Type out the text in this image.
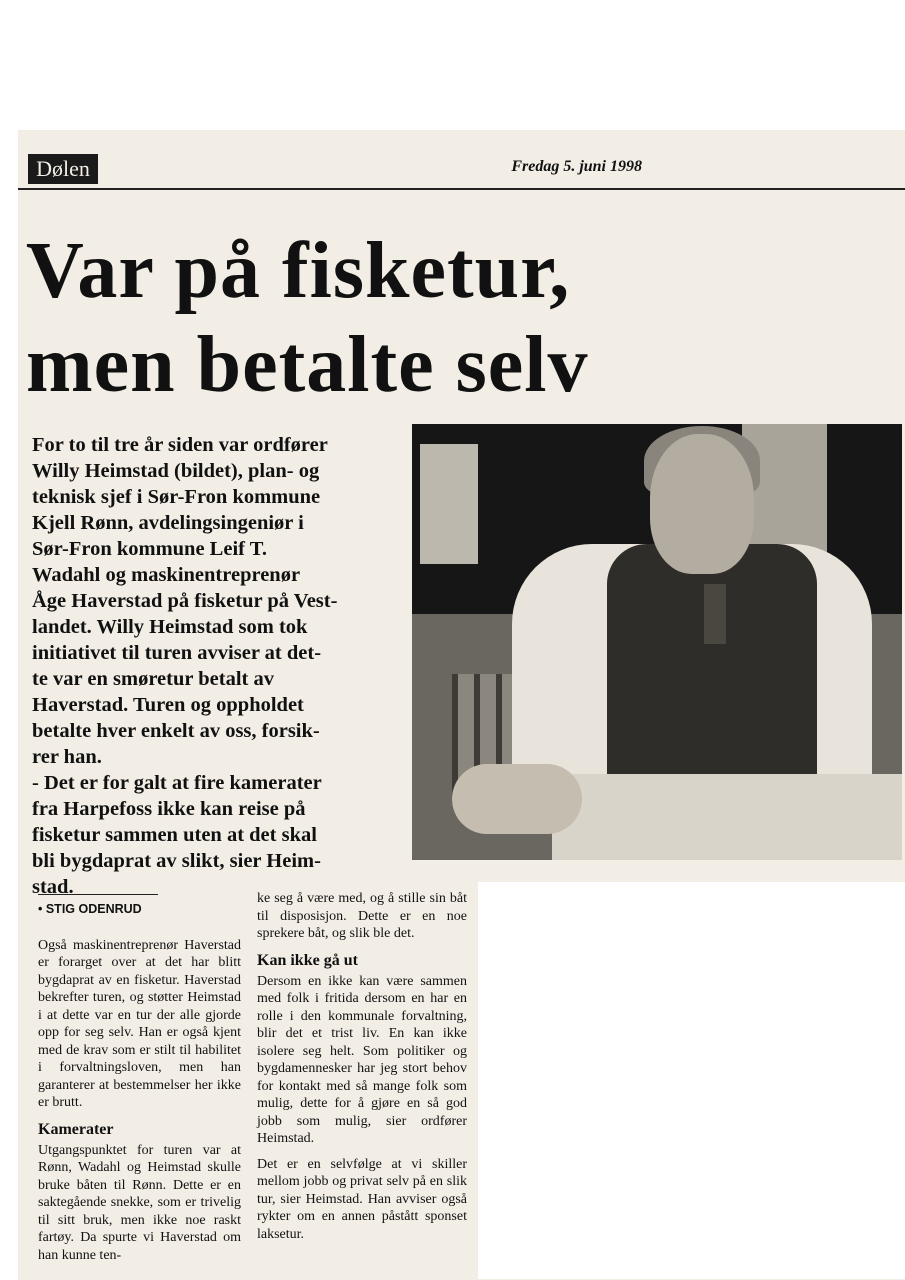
Dølen	Fredag 5. juni 1998
Var på fisketur,
men betalte selv

For to til tre år siden var ordfører

Willy Heimstad (bildet), plan- og

teknisk sjef i Sør-Fron kommune

Kjell Rønn, avdelingsingeniør i

Sør-Fron kommune Leif T.

Wadahl og maskinentreprenør

Åge Haverstad på fisketur på Vest-

landet. Willy Heimstad som tok

initiativet til turen avviser at det-

te var en smøretur betalt av

Haverstad. Turen og oppholdet

betalte hver enkelt av oss, forsik-

rer han.

- Det er for galt at fire kamerater

fra Harpefoss ikke kan reise på

fisketur sammen uten at det skal

bli bygdaprat av slikt, sier Heim-

stad.

• STIG ODENRUD

Også maskinentreprenør Haverstad er forarget over at det har blitt bygdaprat av en fisketur. Haverstad bekrefter turen, og støtter Heimstad i at dette var en tur der alle gjorde opp for seg selv. Han er også kjent med de krav som er stilt til habilitet i forvaltningsloven, men han garanterer at bestemmelser her ikke er brutt.

Kamerater

Utgangspunktet for turen var at Rønn, Wadahl og Heimstad skulle bruke båten til Rønn. Dette er en saktegående snekke, som er trivelig til sitt bruk, men ikke noe raskt fartøy. Da spurte vi Haverstad om han kunne ten-

ke seg å være med, og å stille sin båt til disposisjon. Dette er en noe sprekere båt, og slik ble det.

Kan ikke gå ut

Dersom en ikke kan være sammen med folk i fritida dersom en har en rolle i den kommunale forvaltning, blir det et trist liv. En kan ikke isolere seg helt. Som politiker og bygdamennesker har jeg stort behov for kontakt med så mange folk som mulig, dette for å gjøre en så god jobb som mulig, sier ordfører Heimstad.

Det er en selvfølge at vi skiller mellom jobb og privat selv på en slik tur, sier Heimstad. Han avviser også rykter om en annen påstått sponset laksetur.
